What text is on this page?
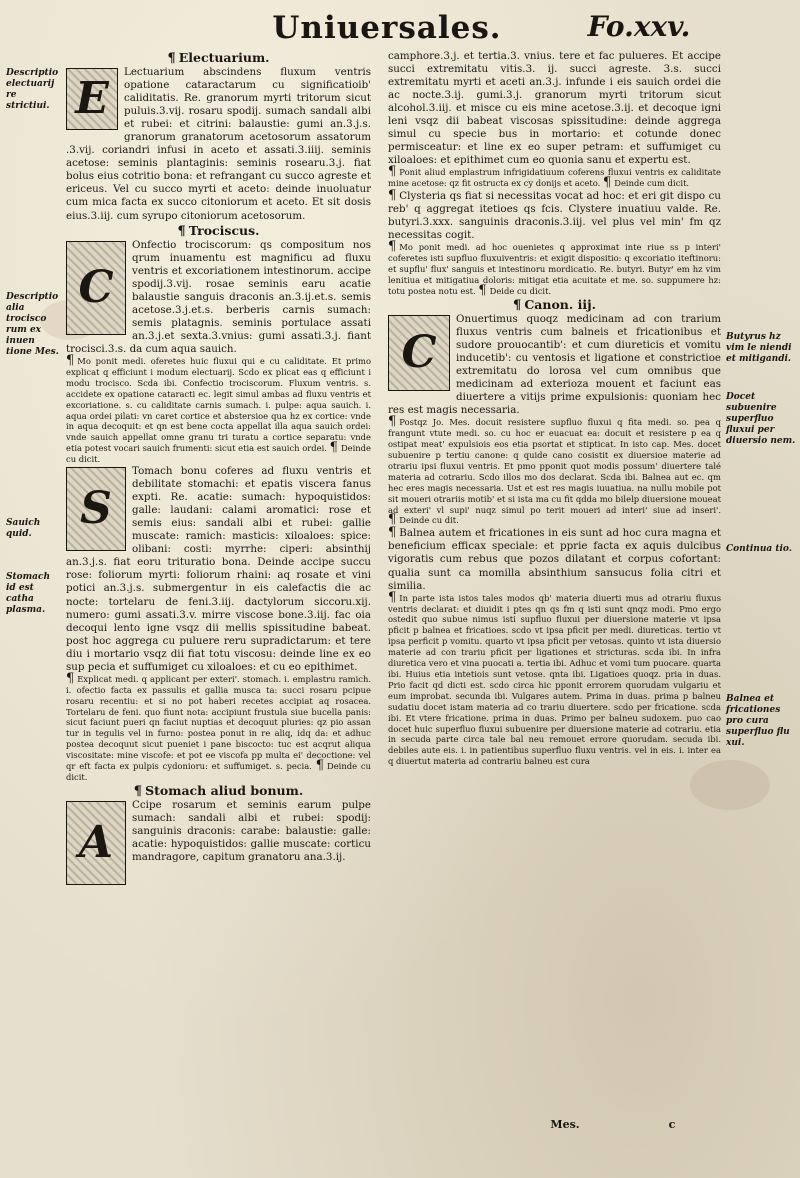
Uniuersales.	Fo.xxv.
Descriptio electuarij re strictiui.
Descriptio alia trocisco rum ex inuen tione Mes.
Sauich quid.
Stomach id est catha plasma.
Butyrus hz vim le niendi et mitigandi.
Docet subuenire superfluo fluxui per diuersio nem.
Continua tio.
Balnea et fricationes pro cura superfluo flu xui.

¶ Electuarium.

E

Lectuarium abscindens fluxum ventris opatione cataractarum cu significatioib' caliditatis. Re. granorum myrti tritorum sicut puluis.3.vij. rosaru spodij. sumach sandali albi et rubei: et citrini: balaustie: gumi an.3.j.s. granorum granatorum acetosorum assatorum .3.vij. coriandri infusi in aceto et assati.3.iiij. seminis acetose: seminis plantaginis: seminis rosearu.3.j. fiat bolus eius cotritio bona: et refrangant cu succo agreste et ericeus. Vel cu succo myrti et aceto: deinde inuoluatur cum mica facta ex succo citoniorum et aceto. Et sit dosis eius.3.iij. cum syrupo citoniorum acetosorum.

¶ Trociscus.

C

Onfectio trociscorum: qs compositum nos qrum inuamentu est magnificu ad fluxu ventris et excoriationem intestinorum. accipe spodij.3.vij. rosae seminis earu acatie balaustie sanguis draconis an.3.ij.et.s. semis acetose.3.j.et.s. berberis carnis sumach: semis platagnis. seminis portulace assati an.3.j.et sexta.3.vnius: gumi assati.3.j. fiant trocisci.3.s. da cum aqua sauich.

¶ Mo ponit medi. oferetes huic fluxui qui e cu caliditate. Et primo explicat q efficiunt i modum electuarij. Scdo ex plicat eas q efficiunt i modu trocisco. Scda ibi. Confectio trociscorum. Fluxum ventris. s. accidete ex opatione cataracti ec. legit simul ambas ad fluxu ventris et excoriatione. s. cu caliditate carnis sumach. i. pulpe: aqua sauich. i. aqua ordei pilati: vn caret cortice et abstersioe qua hz ex cortice: vnde in aqua decoquit: et qn est bene cocta appellat illa aqua sauich ordei: vnde sauich appellat omne granu tri turatu a cortice separatu: vnde etia potest vocari sauich frumenti: sicut etia est sauich ordei. ¶ Deinde cu dicit.

S

Tomach bonu coferes ad fluxu ventris et debilitate stomachi: et epatis viscera fanus expti. Re. acatie: sumach: hypoquistidos: galle: laudani: calami aromatici: rose et semis eius: sandali albi et rubei: gallie muscate: ramich: masticis: xiloaloes: spice: olibani: costi: myrrhe: ciperi: absinthij an.3.j.s. fiat eoru trituratio bona. Deinde accipe succu rose: foliorum myrti: foliorum rhaini: aq rosate et vini potici an.3.j.s. submergentur in eis calefactis die ac nocte: tortelaru de feni.3.iij. dactylorum siccoru.xij. numero: gumi assati.3.v. mirre viscose bone.3.iij. fac oia decoqui lento igne vsqz dii mellis spissitudine babeat. post hoc aggrega cu puluere reru supradictarum: et tere diu i mortario vsqz dii fiat totu viscosu: deinde line ex eo sup pecia et suffumiget cu xiloaloes: et cu eo epithimet.

¶ Explicat medi. q applicant per exteri'. stomach. i. emplastru ramich. i. ofectio facta ex passulis et gallia musca ta: succi rosaru pcipue rosaru recentiu: et si no pot haberi recetes accipiat aq rosacea. Tortelaru de feni. quo fiunt nota: accipiunt frustula siue bucella panis: sicut faciunt pueri qn faciut nuptias et decoquut pluries: qz pio assan tur in tegulis vel in furno: postea ponut in re aliq, idq da: et adhuc postea decoquut sicut pueniet i pane biscocto: tuc est acqrut aliqua viscositate: mine viscofe: et pot ee viscofa pp multa ei' decoctione: vel qr eft facta ex pulpis cydonioru: et suffumiget. s. pecia. ¶ Deinde cu dicit.

¶ Stomach aliud bonum.

A

Ccipe rosarum et seminis earum pulpe sumach: sandali albi et rubei: spodij: sanguinis draconis: carabe: balaustie: galle: acatie: hypoquistidos: gallie muscate: corticu mandragore, capitum granatoru ana.3.ij.

camphore.3.j. et tertia.3. vnius. tere et fac pulueres. Et accipe succi extremitatu vitis.3. ij. succi agreste. 3.s. succi extremitatu myrti et aceti an.3.j. infunde i eis sauich ordei die ac nocte.3.ij. gumi.3.j. granorum myrti tritorum sicut alcohol.3.iij. et misce cu eis mine acetose.3.ij. et decoque igni leni vsqz dii babeat viscosas spissitudine: deinde aggrega simul cu specie bus in mortario: et cotunde donec permisceatur: et line ex eo super petram: et suffumiget cu xiloaloes: et epithimet cum eo quonia sanu et expertu est.

¶ Ponit aliud emplastrum infrigidatiuum coferens fluxui ventris ex caliditate mine acetose: qz fit ostructa ex cy donijs et aceto. ¶ Deinde cum dicit.

¶ Clysteria qs fiat si necessitas vocat ad hoc: et eri git dispo cu reb' q aggregat itetioes qs fcis. Clystere inuatiuu valde. Re. butyri.3.xxx. sanguinis draconis.3.iij. vel plus vel min' fm qz necessitas cogit.

¶ Mo ponit medi. ad hoc ouenietes q approximat inte riue ss p interi' coferetes isti supfluo fluxuiventris: et exigit dispositio: q excoriatio iteftinoru: et supflu' flux' sanguis et intestinoru mordicatio. Re. butyri. Butyr' em hz vim lenitiua et mitigatiua doloris: mitigat etia acuitate et me. so. suppumere hz: totu postea notu est. ¶ Deide cu dicit.

¶ Canon. iij.

C

Onuertimus quoqz medicinam ad con trarium fluxus ventris cum balneis et fricationibus et sudore prouocantib': et cum diureticis et vomitu inducetib': cu ventosis et ligatione et constrictioe extremitatu do lorosa vel cum omnibus que medicinam ad exterioza mouent et faciunt eas diuertere a vitijs prime expulsionis: quoniam hec res est magis necessaria.

¶ Postqz Jo. Mes. docuit resistere supfluo fluxui q fita medi. so. pea q frangunt vtute medi. so. cu hoc er euacuat ea: docuit et resistere p ea q ostipat meat' expulsiois eos etia psortat et stipticat. In isto cap. Mes. docet subuenire p tertiu canone: q quide cano cosistit ex diuersioe materie ad otrariu ipsi fluxui ventris. Et pmo pponit quot modis possum' diuertere talé materia ad cotrariu. Scdo illos mo dos declarat. Scda ibi. Balnea aut ec. qm hec eres magis necessaria. Ust et est res magis iuuatiua. na nullu mobile pot sit moueri otrariis motib' et si ista ma cu fit qdda mo bilelp diuersione moueat ad exteri' vl supi' nuqz simul po terit moueri ad interi' siue ad inseri'. ¶ Deinde cu dit.

¶ Balnea autem et fricationes in eis sunt ad hoc cura magna et beneficium efficax speciale: et pprie facta ex aquis dulcibus vigoratis cum rebus que pozos dilatant et corpus cofortant: qualia sunt ca momilla absinthium sansucus folia citri et similia.

¶ In parte ista istos tales modos qb' materia diuerti mus ad otrariu fluxus ventris declarat: et diuidit i ptes qn qs fm q isti sunt qnqz modi. Pmo ergo ostedit quo subue nimus isti supfluo fluxui per diuersione materie vt ipsa pficit p balnea et fricatioes. scdo vt ipsa pficit per medi. diureticas. tertio vt ipsa perficit p vomitu. quarto vt ipsa pficit per vetosas. quinto vt ista diuersio materie ad con trariu pficit per ligationes et stricturas. scda ibi. In infra diuretica vero et vina puocati a. tertia ibi. Adhuc et vomi tum puocare. quarta ibi. Huius etia intetiois sunt vetose. qnta ibi. Ligatioes quoqz. pria in duas. Prio facit qd dicti est. scdo circa hic pponit errorem quorudam vulgariu et eum improbat. secunda ibi. Vulgares autem. Prima in duas. prima p balneu sudatiu docet istam materia ad co trariu diuertere. scdo per fricatione. scda ibi. Et vtere fricatione. prima in duas. Primo per balneu sudoxem. puo cao docet huic superfluo fluxui subuenire per diuersione materie ad cotrariu. etia in secuda parte circa tale bal neu remouet errore quorudam. secuda ibi. debiles aute eis. i. in patientibus superfluo fluxu ventris. vel in eis. i. inter ea q diuertut materia ad contrariu balneu est cura

Mes.	c
